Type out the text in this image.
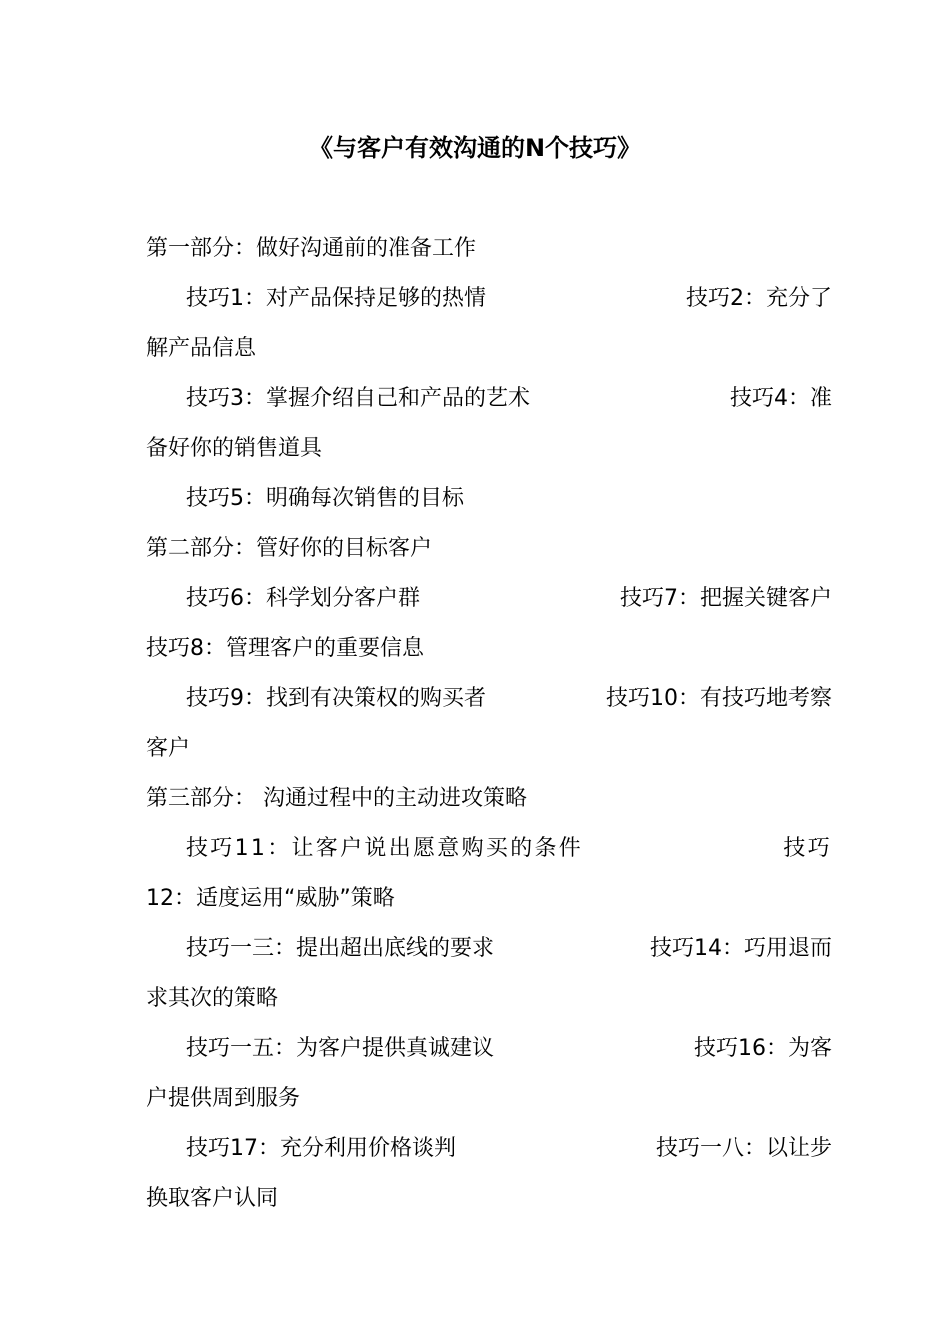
《与客户有效沟通的N个技巧》
第一部分：做好沟通前的准备工作
技巧1：对产品保持足够的热情	技巧2：充分了
解产品信息
技巧3：掌握介绍自己和产品的艺术	技巧4：准
备好你的销售道具
技巧5：明确每次销售的目标
第二部分：管好你的目标客户
技巧6：科学划分客户群	技巧7：把握关键客户
技巧8：管理客户的重要信息
技巧9：找到有决策权的购买者	技巧10：有技巧地考察
客户
第三部分： 沟通过程中的主动进攻策略
技巧11：让客户说出愿意购买的条件	技巧
12：适度运用“威胁”策略
技巧一三：提出超出底线的要求	技巧14：巧用退而
求其次的策略
技巧一五：为客户提供真诚建议	技巧16：为客
户提供周到服务
技巧17：充分利用价格谈判	技巧一八：以让步
换取客户认同
